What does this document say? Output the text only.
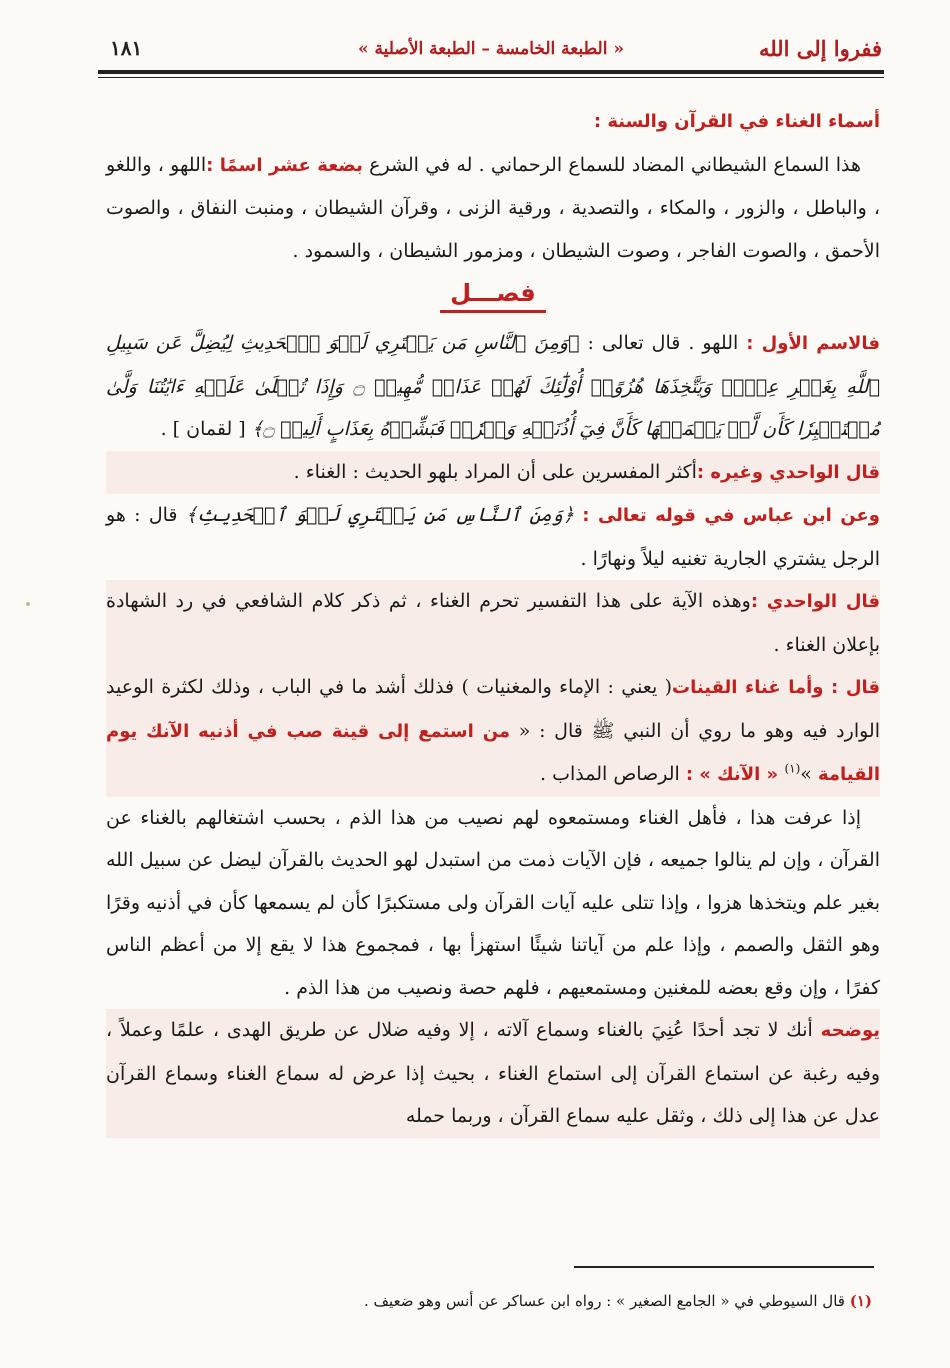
ففروا إلى الله
« الطبعة الخامسة – الطبعة الأصلية »
١٨١

أسماء الغناء في القرآن والسنة :

 هذا السماع الشيطاني المضاد للسماع الرحماني . له في الشرع بضعة عشر اسمًا :اللهو ، واللغو ، والباطل ، والزور ، والمكاء ، والتصدية ، ورقية الزنى ، وقرآن الشيطان ، ومنبت النفاق ، والصوت الأحمق ، والصوت الفاجر ، وصوت الشيطان ، ومزمور الشيطان ، والسمود .

فصـــل

فالاسم الأول : اللهو . قال تعالى : ﴿وَمِنَ ٱلنَّاسِ مَن يَشۡتَرِي لَهۡوَ ٱلۡحَدِيثِ لِيُضِلَّ عَن سَبِيلِ ٱللَّهِ بِغَيۡرِ عِلۡمٖ وَيَتَّخِذَهَا هُزُوًاۚ أُوْلَٰٓئِكَ لَهُمۡ عَذَابٞ مُّهِينٞ ۝ وَإِذَا تُتۡلَىٰ عَلَيۡهِ ءَايَٰتُنَا وَلَّىٰ مُسۡتَكۡبِرٗا كَأَن لَّمۡ يَسۡمَعۡهَا كَأَنَّ فِيٓ أُذُنَيۡهِ وَقۡرٗاۖ فَبَشِّرۡهُ بِعَذَابٍ أَلِيمٖ ۝﴾ [ لقمان ] .

قال الواحدي وغيره :أكثر المفسرين على أن المراد بلهو الحديث : الغناء .

وعن ابن عباس في قوله تعالى : ﴿وَمِنَ ٱلنَّاسِ مَن يَشۡتَرِي لَهۡوَ ٱلۡحَدِيثِ﴾ قال : هو الرجل يشتري الجارية تغنيه ليلاً ونهارًا .

قال الواحدي :وهذه الآية على هذا التفسير تحرم الغناء ، ثم ذكر كلام الشافعي في رد الشهادة بإعلان الغناء .

قال : وأما غناء القينات( يعني : الإماء والمغنيات ) فذلك أشد ما في الباب ، وذلك لكثرة الوعيد الوارد فيه وهو ما روي أن النبي ﷺ قال : « من استمع إلى قينة صب في أذنيه الآنك يوم القيامة »$^{(١)}$ « الآنك » : الرصاص المذاب .

 إذا عرفت هذا ، فأهل الغناء ومستمعوه لهم نصيب من هذا الذم ، بحسب اشتغالهم بالغناء عن القرآن ، وإن لم ينالوا جميعه ، فإن الآيات ذمت من استبدل لهو الحديث بالقرآن ليضل عن سبيل الله بغير علم ويتخذها هزوا ، وإذا تتلى عليه آيات القرآن ولى مستكبرًا كأن لم يسمعها كأن في أذنيه وقرًا وهو الثقل والصمم ، وإذا علم من آياتنا شيئًا استهزأ بها ، فمجموع هذا لا يقع إلا من أعظم الناس كفرًا ، وإن وقع بعضه للمغنين ومستمعيهم ، فلهم حصة ونصيب من هذا الذم .

يوضحه أنك لا تجد أحدًا عُنِيَ بالغناء وسماع آلاته ، إلا وفيه ضلال عن طريق الهدى ، علمًا وعملاً ، وفيه رغبة عن استماع القرآن إلى استماع الغناء ، بحيث إذا عرض له سماع الغناء وسماع القرآن عدل عن هذا إلى ذلك ، وثقل عليه سماع القرآن ، وربما حمله

(١) قال السيوطي في « الجامع الصغير » : رواه ابن عساكر عن أنس وهو ضعيف .
